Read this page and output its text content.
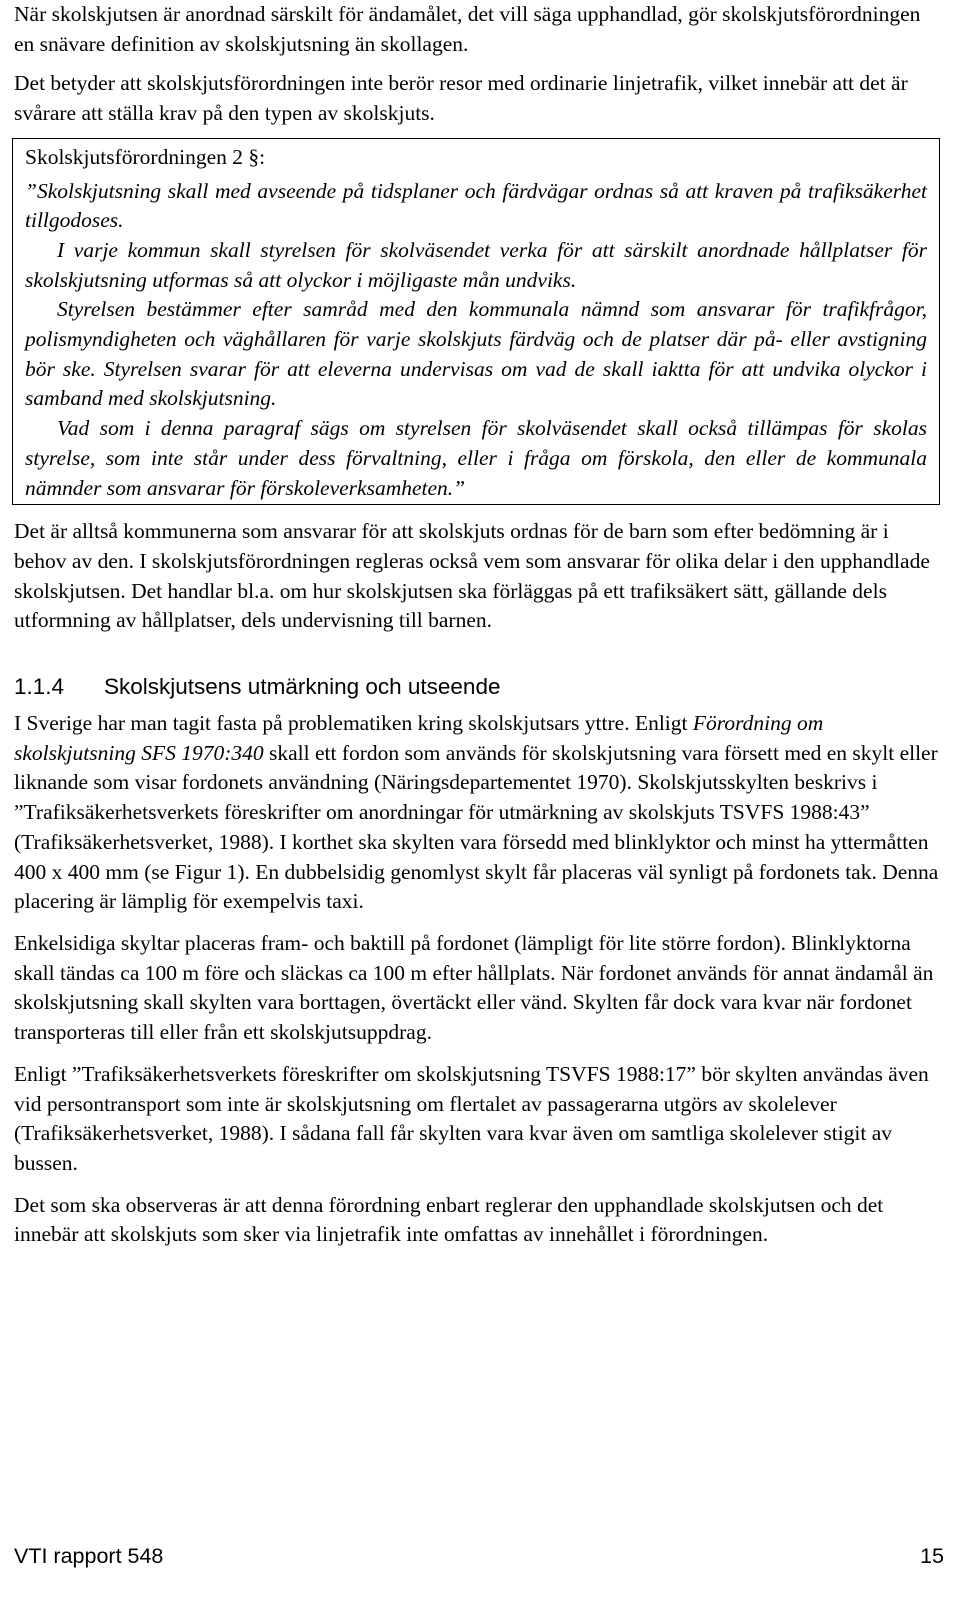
När skolskjutsen är anordnad särskilt för ändamålet, det vill säga upphandlad, gör skolskjutsförordningen en snävare definition av skolskjutsning än skollagen.

Det betyder att skolskjutsförordningen inte berör resor med ordinarie linjetrafik, vilket innebär att det är svårare att ställa krav på den typen av skolskjuts.

Skolskjutsförordningen 2 §:

”Skolskjutsning skall med avseende på tidsplaner och färdvägar ordnas så att kraven på trafiksäkerhet tillgodoses.

I varje kommun skall styrelsen för skolväsendet verka för att särskilt anordnade hållplatser för skolskjutsning utformas så att olyckor i möjligaste mån undviks.

Styrelsen bestämmer efter samråd med den kommunala nämnd som ansvarar för trafikfrågor, polismyndigheten och väghållaren för varje skolskjuts färdväg och de platser där på- eller avstigning bör ske. Styrelsen svarar för att eleverna undervisas om vad de skall iaktta för att undvika olyckor i samband med skolskjutsning.

Vad som i denna paragraf sägs om styrelsen för skolväsendet skall också tillämpas för skolas styrelse, som inte står under dess förvaltning, eller i fråga om förskola, den eller de kommunala nämnder som ansvarar för förskoleverksamheten.”

Det är alltså kommunerna som ansvarar för att skolskjuts ordnas för de barn som efter bedömning är i behov av den. I skolskjutsförordningen regleras också vem som ansvarar för olika delar i den upphandlade skolskjutsen. Det handlar bl.a. om hur skolskjutsen ska förläggas på ett trafiksäkert sätt, gällande dels utformning av hållplatser, dels undervisning till barnen.

1.1.4 Skolskjutsens utmärkning och utseende

I Sverige har man tagit fasta på problematiken kring skolskjutsars yttre. Enligt Förordning om skolskjutsning SFS 1970:340 skall ett fordon som används för skolskjutsning vara försett med en skylt eller liknande som visar fordonets användning (Näringsdepartementet 1970). Skolskjutsskylten beskrivs i ”Trafiksäkerhetsverkets föreskrifter om anordningar för utmärkning av skolskjuts TSVFS 1988:43” (Trafiksäkerhetsverket, 1988). I korthet ska skylten vara försedd med blinklyktor och minst ha yttermåtten 400 x 400 mm (se Figur 1). En dubbelsidig genomlyst skylt får placeras väl synligt på fordonets tak. Denna placering är lämplig för exempelvis taxi.

Enkelsidiga skyltar placeras fram- och baktill på fordonet (lämpligt för lite större fordon). Blinklyktorna skall tändas ca 100 m före och släckas ca 100 m efter hållplats. När fordonet används för annat ändamål än skolskjutsning skall skylten vara borttagen, övertäckt eller vänd. Skylten får dock vara kvar när fordonet transporteras till eller från ett skolskjutsuppdrag.

Enligt ”Trafiksäkerhetsverkets föreskrifter om skolskjutsning TSVFS 1988:17” bör skylten användas även vid persontransport som inte är skolskjutsning om flertalet av passagerarna utgörs av skolelever (Trafiksäkerhetsverket, 1988). I sådana fall får skylten vara kvar även om samtliga skolelever stigit av bussen.

Det som ska observeras är att denna förordning enbart reglerar den upphandlade skolskjutsen och det innebär att skolskjuts som sker via linjetrafik inte omfattas av innehållet i förordningen.

VTI rapport 548	15
